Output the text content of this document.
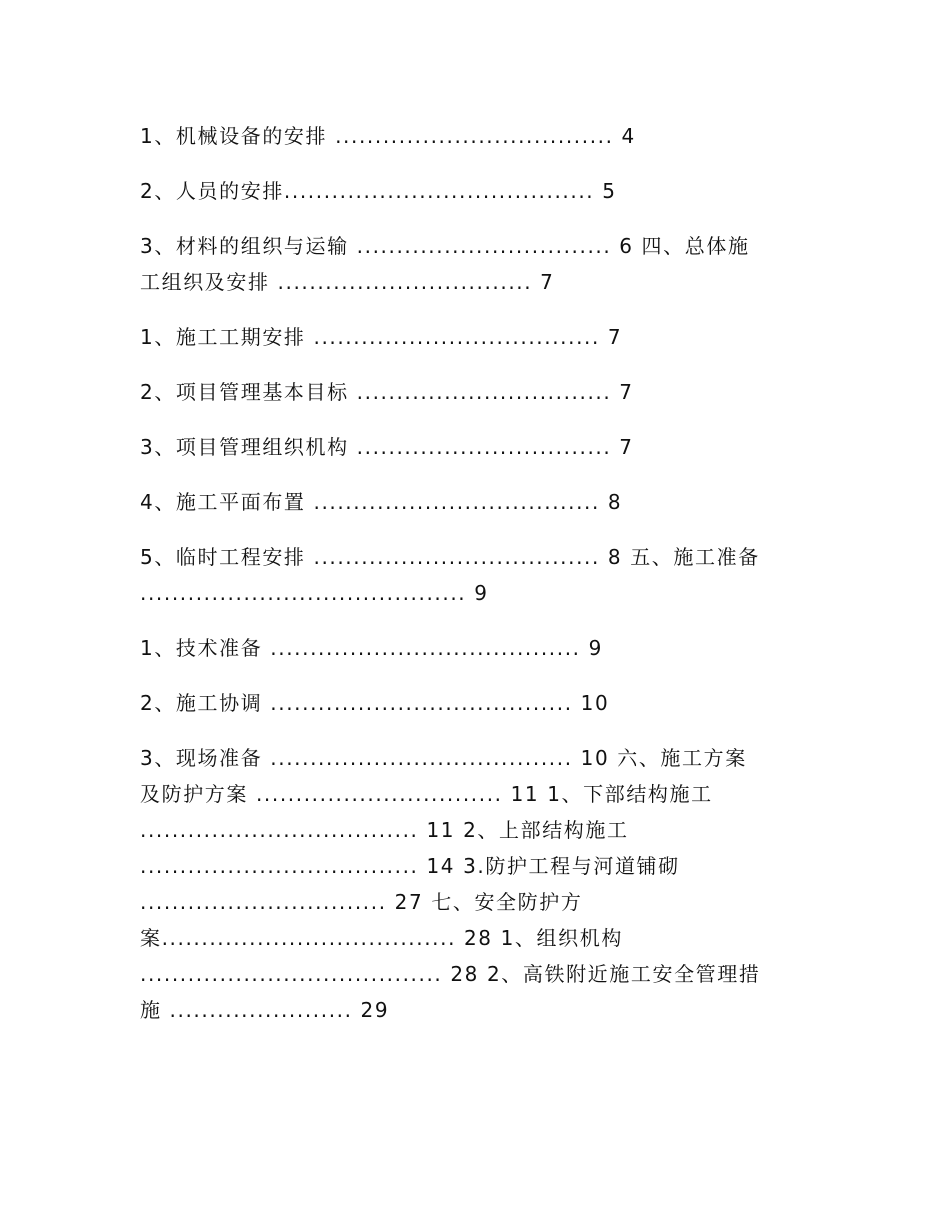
1、机械设备的安排 ................................... 4
2、人员的安排....................................... 5
3、材料的组织与运输 ................................ 6 四、总体施
工组织及安排 ................................ 7
1、施工工期安排 .................................... 7
2、项目管理基本目标 ................................ 7
3、项目管理组织机构 ................................ 7
4、施工平面布置 .................................... 8
5、临时工程安排 .................................... 8 五、施工准备
......................................... 9
1、技术准备 ....................................... 9
2、施工协调 ...................................... 10
3、现场准备 ...................................... 10 六、施工方案
及防护方案 ............................... 11 1、下部结构施工
................................... 11 2、上部结构施工
................................... 14 3.防护工程与河道铺砌
............................... 27 七、安全防护方
案..................................... 28 1、组织机构
...................................... 28 2、高铁附近施工安全管理措
施 ....................... 29
